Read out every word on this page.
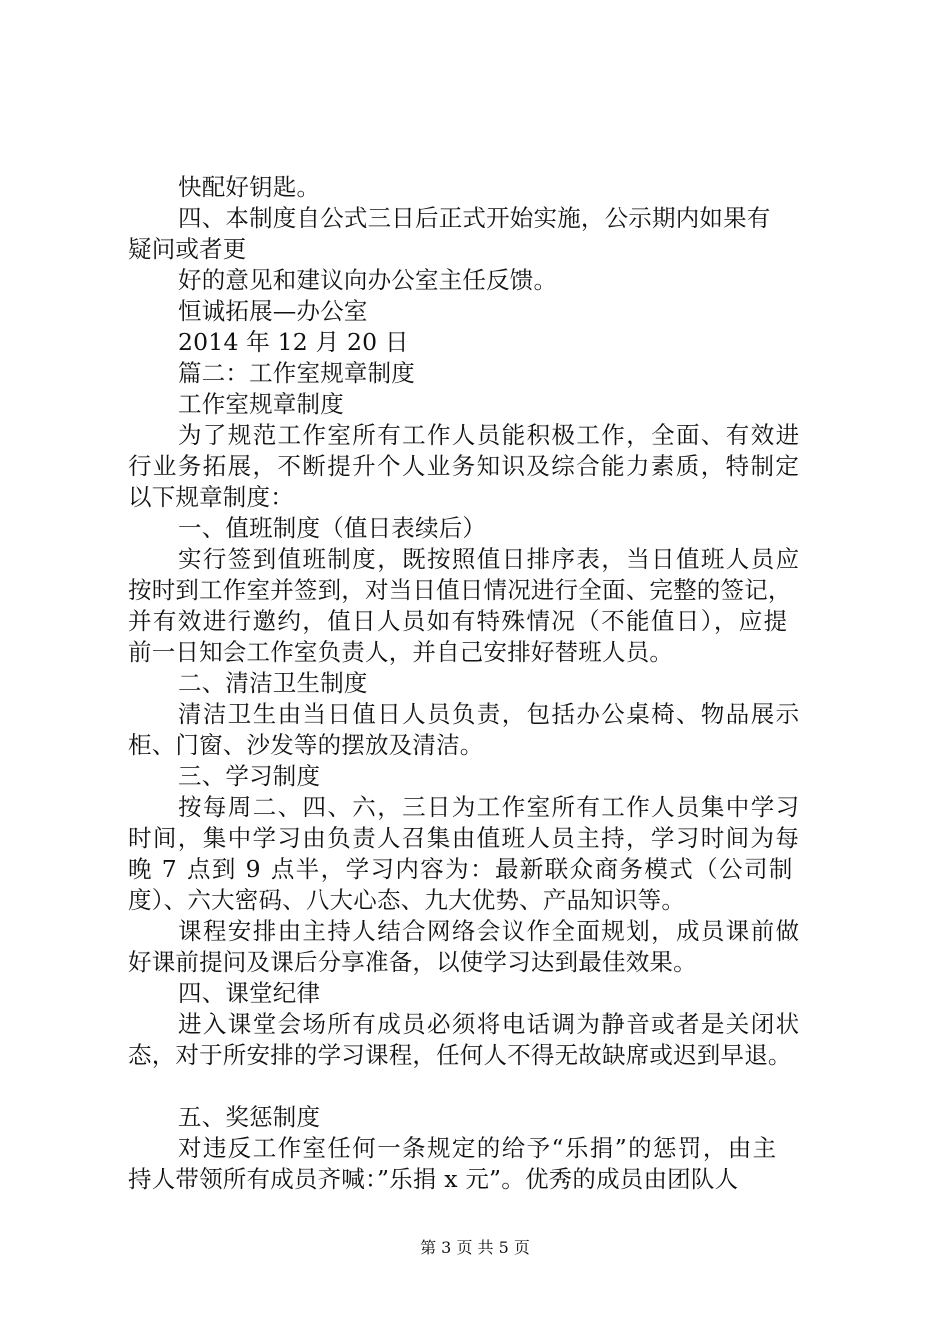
快配好钥匙。
四、本制度自公式三日后正式开始实施，公示期内如果有
疑问或者更
好的意见和建议向办公室主任反馈。
恒诚拓展—办公室
2014 年 12 月 20 日
篇二：工作室规章制度
工作室规章制度
为了规范工作室所有工作人员能积极工作，全面、有效进
行业务拓展，不断提升个人业务知识及综合能力素质，特制定
以下规章制度：
一、值班制度（值日表续后）
实行签到值班制度，既按照值日排序表，当日值班人员应
按时到工作室并签到，对当日值日情况进行全面、完整的签记，
并有效进行邀约，值日人员如有特殊情况（不能值日），应提
前一日知会工作室负责人，并自己安排好替班人员。
二、清洁卫生制度
清洁卫生由当日值日人员负责，包括办公桌椅、物品展示
柜、门窗、沙发等的摆放及清洁。
三、学习制度
按每周二、四、六，三日为工作室所有工作人员集中学习
时间，集中学习由负责人召集由值班人员主持，学习时间为每
晚 7 点到 9 点半，学习内容为：最新联众商务模式（公司制
度）、六大密码、八大心态、九大优势、产品知识等。
课程安排由主持人结合网络会议作全面规划，成员课前做
好课前提问及课后分享准备，以使学习达到最佳效果。
四、课堂纪律
进入课堂会场所有成员必须将电话调为静音或者是关闭状
态，对于所安排的学习课程，任何人不得无故缺席或迟到早退。
五、奖惩制度
对违反工作室任何一条规定的给予“乐捐”的惩罚，由主
持人带领所有成员齐喊：”乐捐 x 元”。优秀的成员由团队人
第 3 页 共 5 页
